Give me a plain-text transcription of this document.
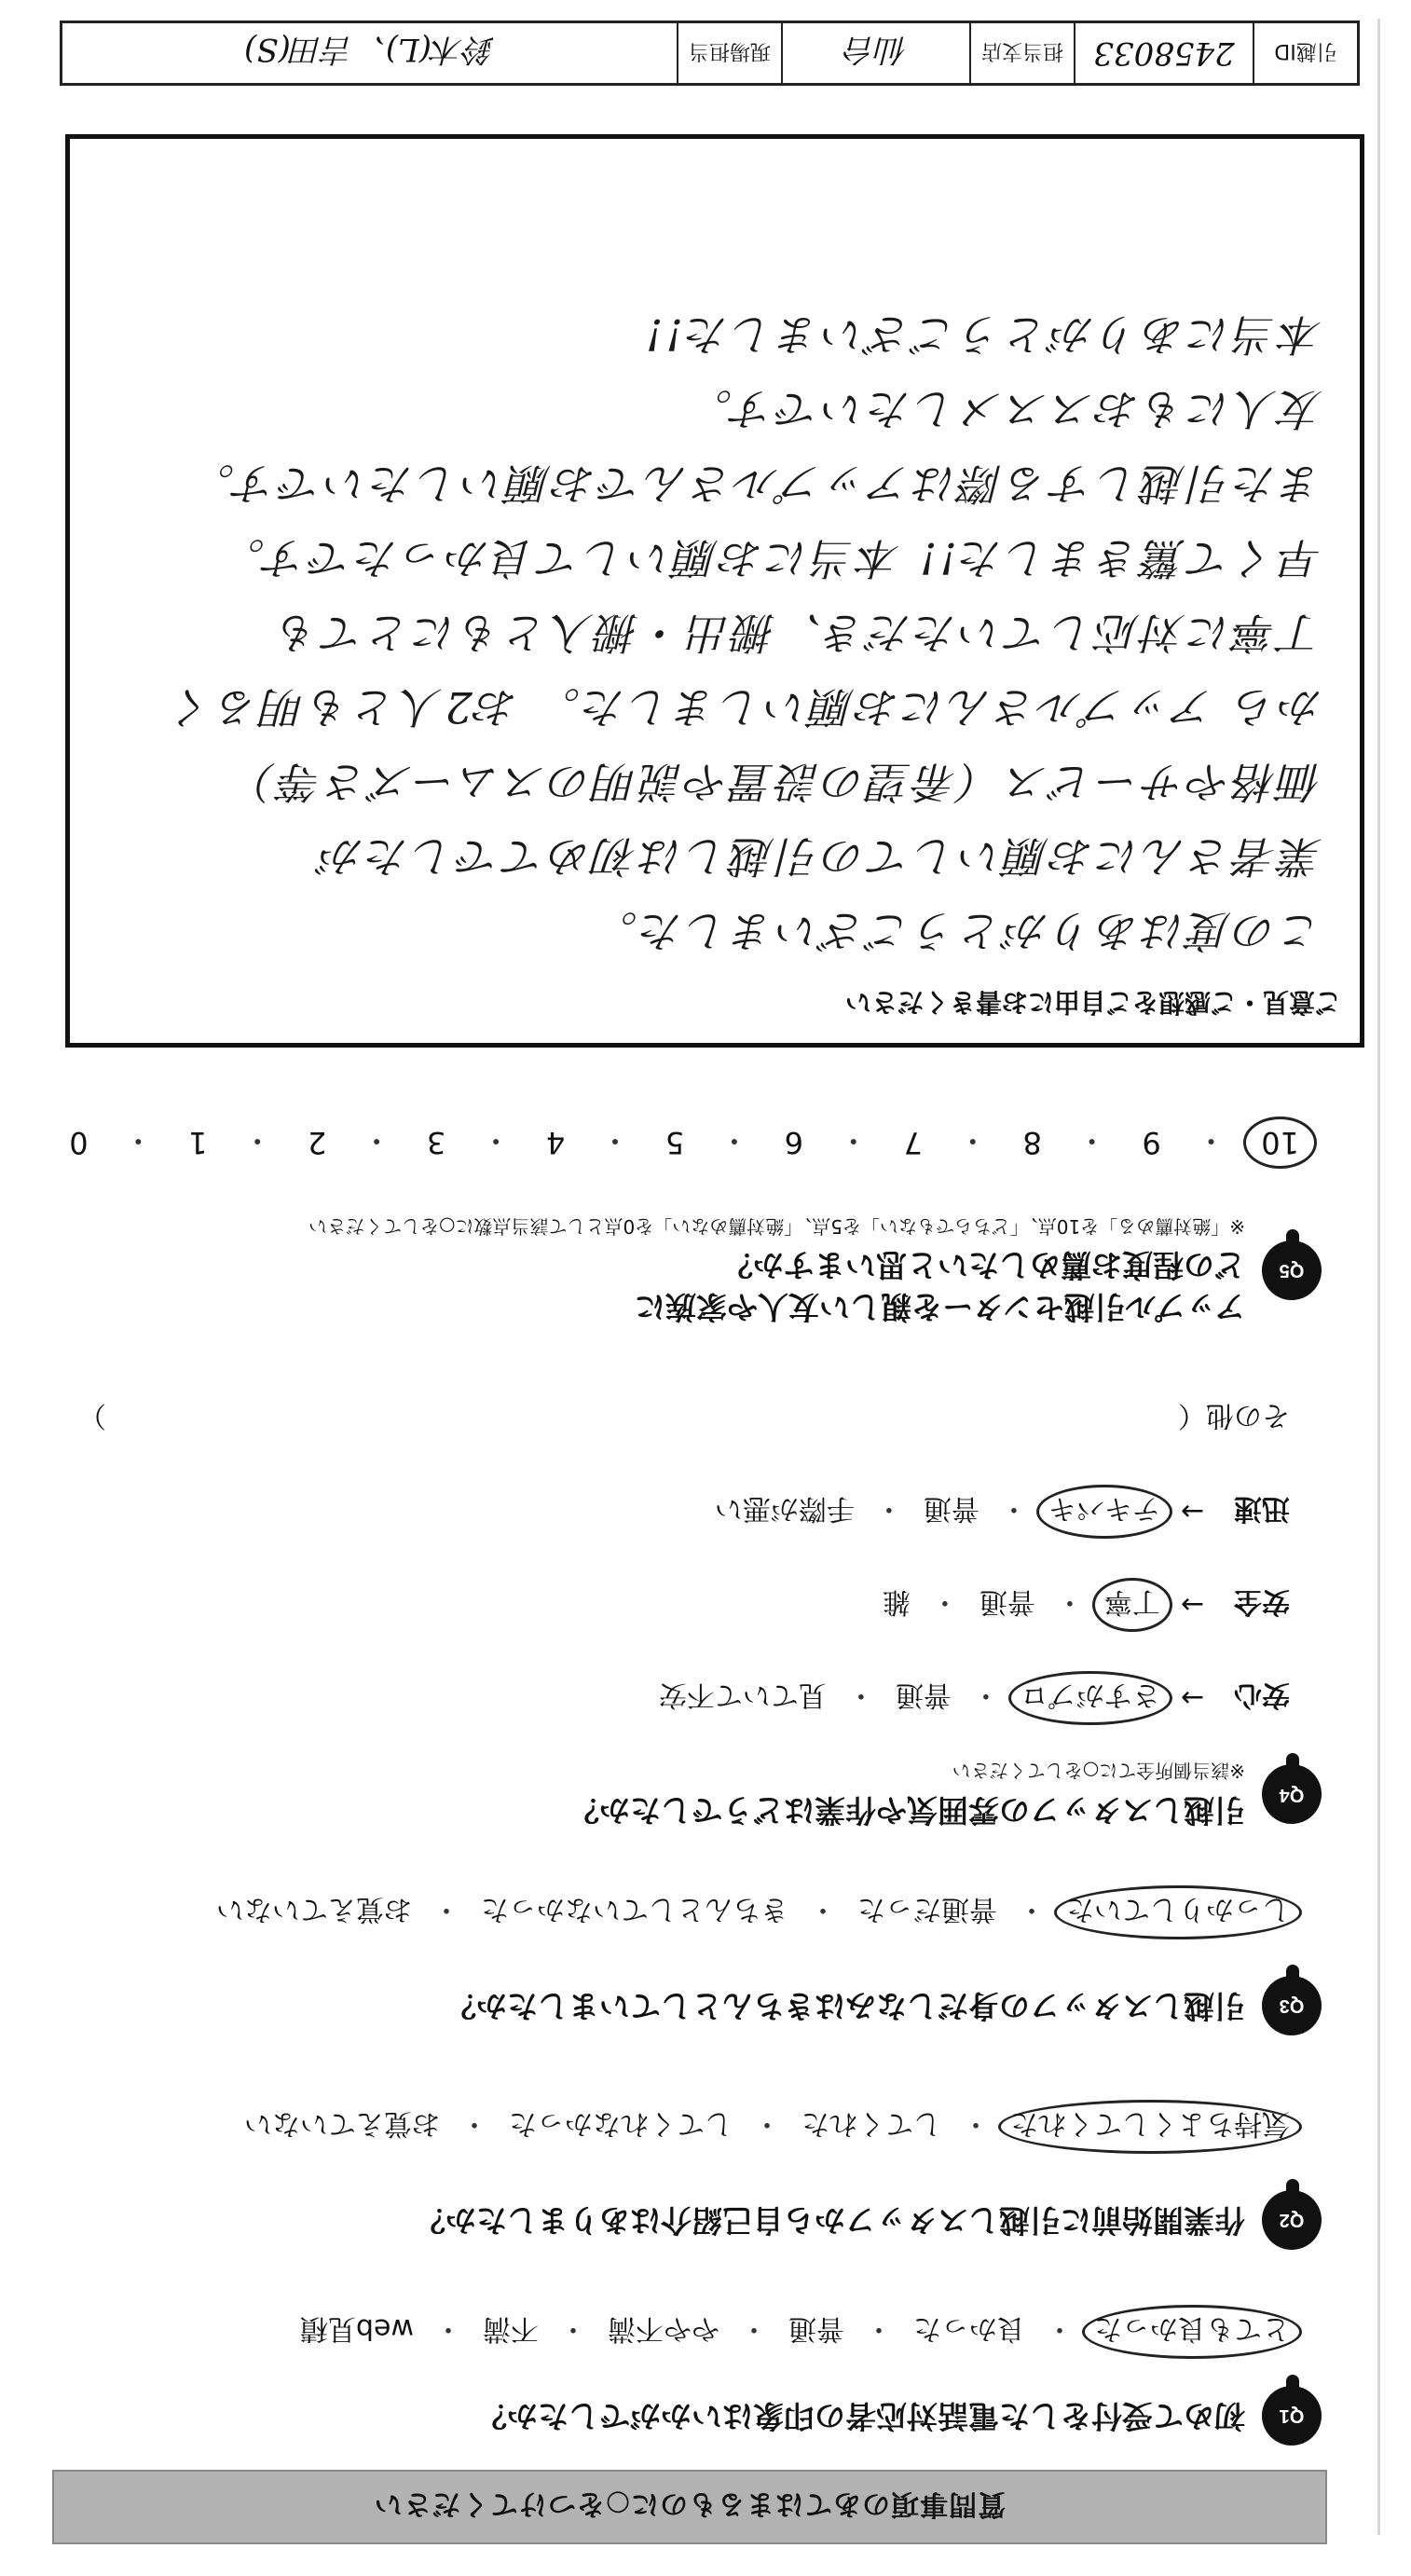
質問事項のあてはまるものに○をつけてください
Q1
初めて受付をした電話対応者の印象はいかがでしたか？
とても良かった
・
良かった
・
普通
・
やや不満
・
不満
・
web見積
Q2
作業開始前に引越しスタッフから自己紹介はありましたか？
気持ちよくしてくれた
・
してくれた
・
してくれなかった
・
お覚えていない
Q3
引越しスタッフの身だしなみはきちんとしていましたか？
しっかりしていた
・
普通だった
・
きちんとしていなかった
・
お覚えていない
Q4
引越しスタッフの雰囲気や作業はどうでしたか？
※該当個所全てに○をしてください
安心
→
さすがプロ
・
普通
・
見ていて不安
安全
→
丁寧
・
普通
・
雑
迅速
→
テキパキ
・
普通
・
手際が悪い
その他（
）
Q5
アップル引越センターを親しい友人や家族に
どの程度お薦めしたいと思いますか？
※「絶対薦める」を10点、「どちらでもない」を5点、「絶対薦めない」を0点として該当点数に○をしてください
10
・
9
・
8
・
7
・
6
・
5
・
4
・
3
・
2
・
1
・
0
ご意見・ご感想をご自由にお書きください
この度はありがとうございました。
業者さんにお願いしての引越しは初めてでしたが
価格やサービス（希望の設置や説明のスムーズさ等）
から アップルさんにお願いしました。 お2人とも明るく
丁寧に対応していただき、搬出・搬入ともにとても
早くて驚きました!! 本当にお願いして良かったです。
また引越しする際はアップルさんでお願いしたいです。
友人にもおススメしたいです。
本当にありがとうございました!!
引越ID	2458033	担当支店	仙台	現場担当	鈴木(L)、吉田(S)
